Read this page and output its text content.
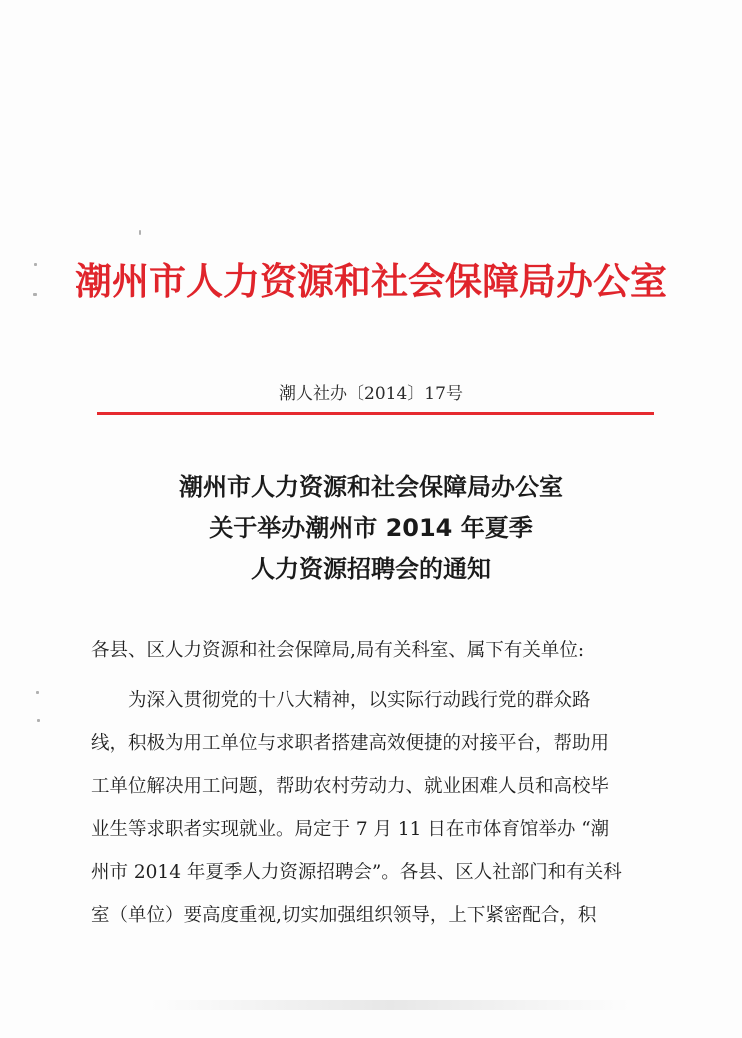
潮州市人力资源和社会保障局办公室
潮人社办〔2014〕17号
潮州市人力资源和社会保障局办公室
关于举办潮州市 2014 年夏季
人力资源招聘会的通知
各县、区人力资源和社会保障局,局有关科室、属下有关单位:
为深入贯彻党的十八大精神，以实际行动践行党的群众路
线，积极为用工单位与求职者搭建高效便捷的对接平台，帮助用
工单位解决用工问题，帮助农村劳动力、就业困难人员和高校毕
业生等求职者实现就业。局定于 7 月 11 日在市体育馆举办 “潮
州市 2014 年夏季人力资源招聘会”。各县、区人社部门和有关科
室（单位）要高度重视,切实加强组织领导，上下紧密配合，积
